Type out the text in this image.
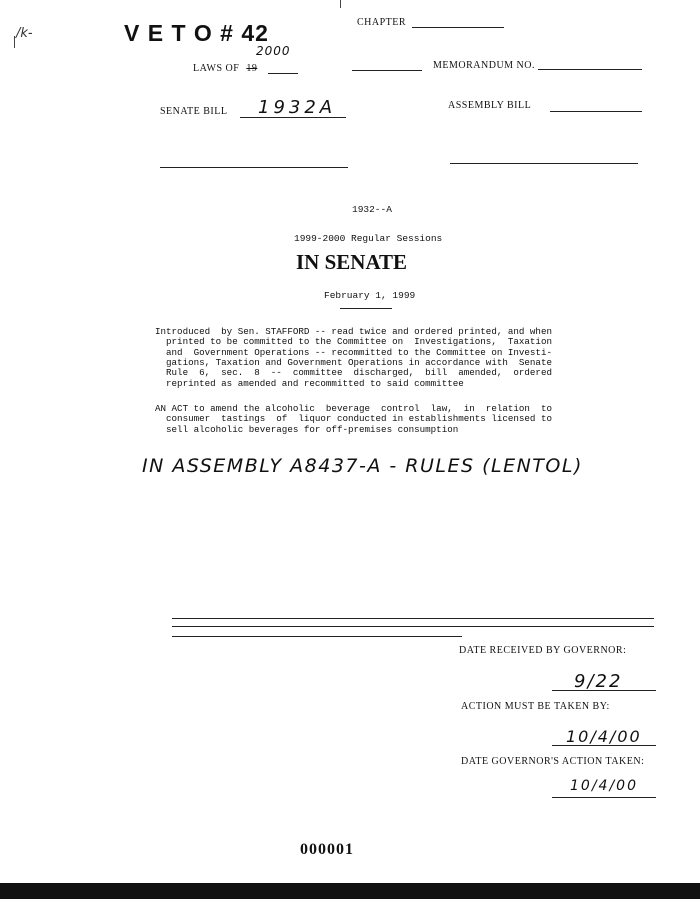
/k-	V E T O # 42	CHAPTER
2000
LAWS OF 19	MEMORANDUM NO.
SENATE BILL 1932A	ASSEMBLY BILL
1932--A
1999-2000 Regular Sessions
IN SENATE
February 1, 1999
Introduced  by Sen. STAFFORD -- read twice and ordered printed, and when
printed to be committed to the Committee on  Investigations,  Taxation
and  Government Operations -- recommitted to the Committee on Investi-
gations, Taxation and Government Operations in accordance with  Senate
Rule  6,  sec.  8  --  committee  discharged,  bill  amended,  ordered
reprinted as amended and recommitted to said committee
AN ACT to amend the alcoholic  beverage  control  law,  in  relation  to
consumer  tastings  of  liquor conducted in establishments licensed to
sell alcoholic beverages for off-premises consumption
IN ASSEMBLY A8437-A - RULES (LENTOL)
DATE RECEIVED BY GOVERNOR:
9/22
ACTION MUST BE TAKEN BY:
10/4/00
DATE GOVERNOR'S ACTION TAKEN:
10/4/00
000001
